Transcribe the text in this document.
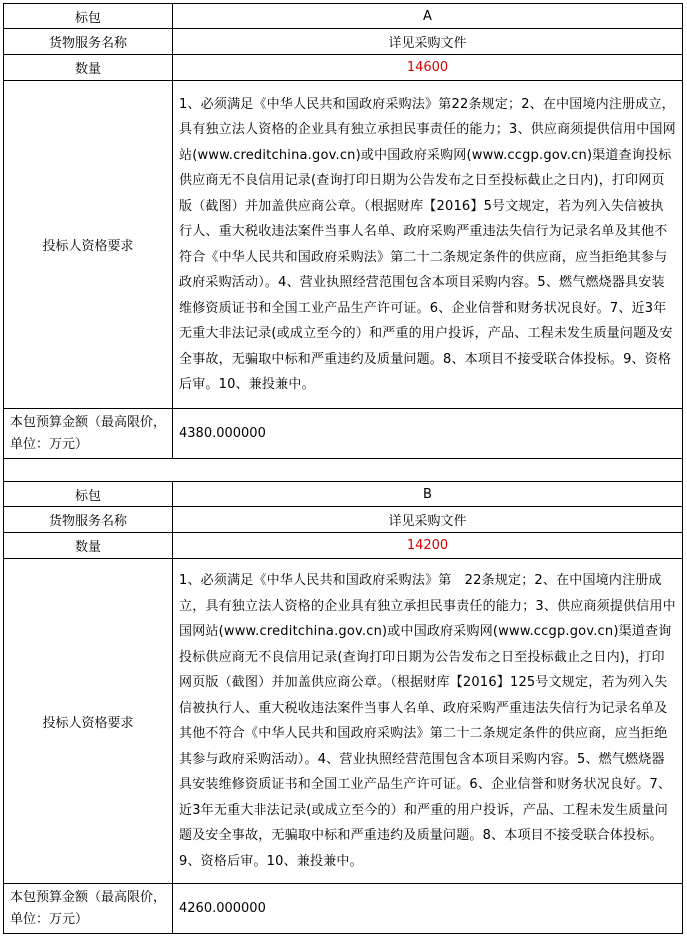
标包	A
货物服务名称	详见采购文件
数量	14600
投标人资格要求	1、必须满足《中华人民共和国政府采购法》第22条规定；2、在中国境内注册成立，具有独立法人资格的企业具有独立承担民事责任的能力；3、供应商须提供信用中国网站(www.creditchina.gov.cn)或中国政府采购网(www.ccgp.gov.cn)渠道查询投标供应商无不良信用记录(查询打印日期为公告发布之日至投标截止之日内)，打印网页版（截图）并加盖供应商公章。（根据财库【2016】5号文规定，若为列入失信被执行人、重大税收违法案件当事人名单、政府采购严重违法失信行为记录名单及其他不符合《中华人民共和国政府采购法》第二十二条规定条件的供应商，应当拒绝其参与政府采购活动）。4、营业执照经营范围包含本项目采购内容。5、燃气燃烧器具安装维修资质证书和全国工业产品生产许可证。6、企业信誉和财务状况良好。7、近3年无重大非法记录(或成立至今的）和严重的用户投诉，产品、工程未发生质量问题及安全事故，无骗取中标和严重违约及质量问题。8、本项目不接受联合体投标。9、资格后审。10、兼投兼中。
本包预算金额（最高限价，单位：万元）	4380.000000
标包	B
货物服务名称	详见采购文件
数量	14200
投标人资格要求	1、必须满足《中华人民共和国政府采购法》第　22条规定；2、在中国境内注册成立，具有独立法人资格的企业具有独立承担民事责任的能力；3、供应商须提供信用中国网站(www.creditchina.gov.cn)或中国政府采购网(www.ccgp.gov.cn)渠道查询投标供应商无不良信用记录(查询打印日期为公告发布之日至投标截止之日内)，打印网页版（截图）并加盖供应商公章。（根据财库【2016】125号文规定，若为列入失信被执行人、重大税收违法案件当事人名单、政府采购严重违法失信行为记录名单及其他不符合《中华人民共和国政府采购法》第二十二条规定条件的供应商，应当拒绝其参与政府采购活动）。4、营业执照经营范围包含本项目采购内容。5、燃气燃烧器具安装维修资质证书和全国工业产品生产许可证。6、企业信誉和财务状况良好。7、近3年无重大非法记录(或成立至今的）和严重的用户投诉，产品、工程未发生质量问题及安全事故，无骗取中标和严重违约及质量问题。8、本项目不接受联合体投标。9、资格后审。10、兼投兼中。
本包预算金额（最高限价，单位：万元）	4260.000000
